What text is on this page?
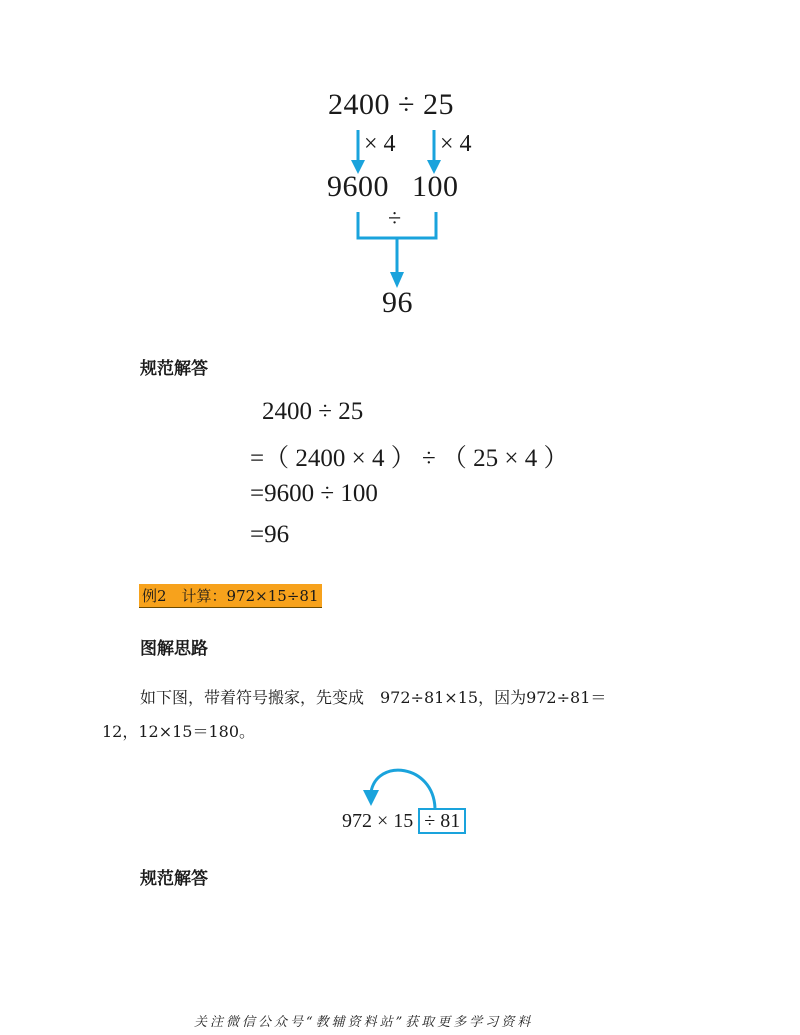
2400 ÷ 25
× 4 × 4
9600 100
÷
96
规范解答
2400 ÷ 25
=（ 2400 × 4 ） ÷ （ 25 × 4 ）
=9600 ÷ 100
=96
例2　计算：972×15÷81
图解思路
如下图，带着符号搬家，先变成　972÷81×15，因为972÷81＝
12，12×15＝180。
972 × 15 ÷ 81
规范解答
关注微信公众号“教辅资料站”获取更多学习资料
